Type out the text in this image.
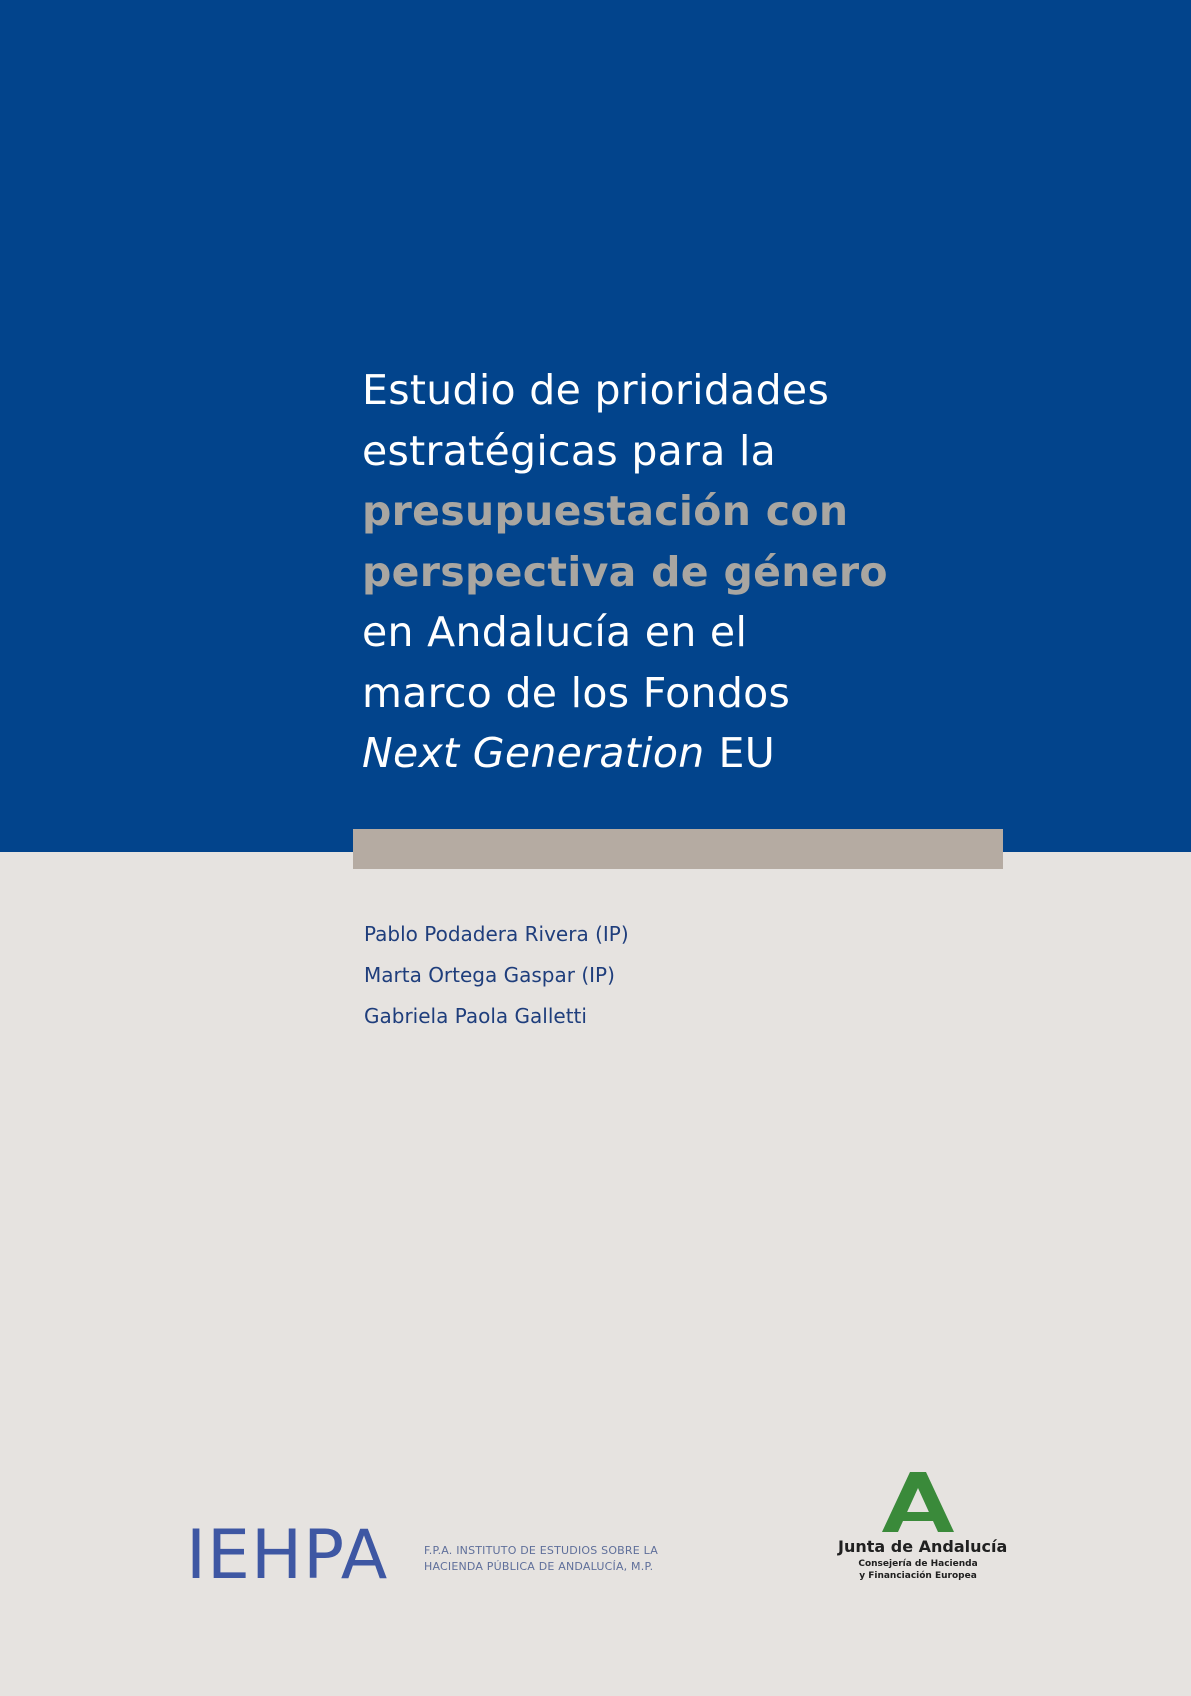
Estudio de prioridades
estratégicas para la
presupuestación con
perspectiva de género
en Andalucía en el
marco de los Fondos
Next Generation EU
Pablo Podadera Rivera (IP)
Marta Ortega Gaspar (IP)
Gabriela Paola Galletti
IEHPA	F.P.A. INSTITUTO DE ESTUDIOS SOBRE LA
HACIENDA PÚBLICA DE ANDALUCÍA, M.P.
Junta de Andalucía
Consejería de Hacienda
y Financiación Europea
